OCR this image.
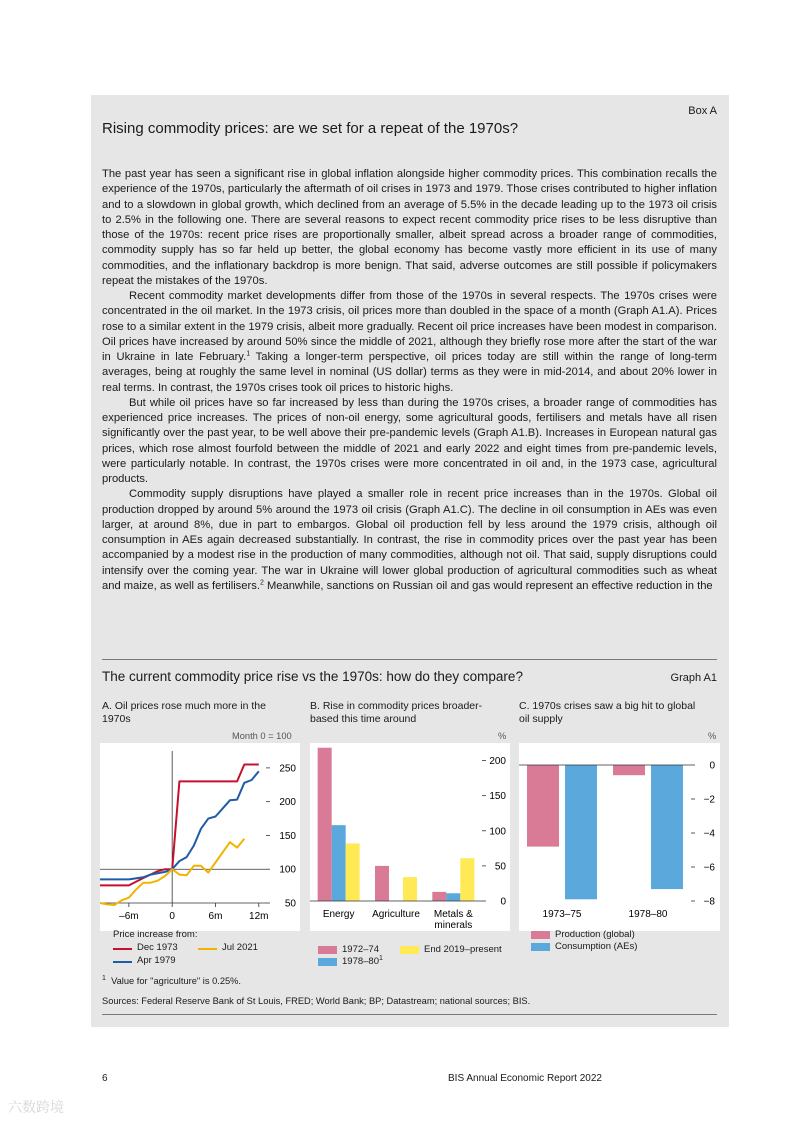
Box A
Rising commodity prices: are we set for a repeat of the 1970s?

The past year has seen a significant rise in global inflation alongside higher commodity prices. This combination recalls the experience of the 1970s, particularly the aftermath of oil crises in 1973 and 1979. Those crises contributed to higher inflation and to a slowdown in global growth, which declined from an average of 5.5% in the decade leading up to the 1973 oil crisis to 2.5% in the following one. There are several reasons to expect recent commodity price rises to be less disruptive than those of the 1970s: recent price rises are proportionally smaller, albeit spread across a broader range of commodities, commodity supply has so far held up better, the global economy has become vastly more efficient in its use of many commodities, and the inflationary backdrop is more benign. That said, adverse outcomes are still possible if policymakers repeat the mistakes of the 1970s.

Recent commodity market developments differ from those of the 1970s in several respects. The 1970s crises were concentrated in the oil market. In the 1973 crisis, oil prices more than doubled in the space of a month (Graph A1.A). Prices rose to a similar extent in the 1979 crisis, albeit more gradually. Recent oil price increases have been modest in comparison. Oil prices have increased by around 50% since the middle of 2021, although they briefly rose more after the start of the war in Ukraine in late February.$^1$ Taking a longer-term perspective, oil prices today are still within the range of long-term averages, being at roughly the same level in nominal (US dollar) terms as they were in mid-2014, and about 20% lower in real terms. In contrast, the 1970s crises took oil prices to historic highs.

But while oil prices have so far increased by less than during the 1970s crises, a broader range of commodities has experienced price increases. The prices of non-oil energy, some agricultural goods, fertilisers and metals have all risen significantly over the past year, to be well above their pre-pandemic levels (Graph A1.B). Increases in European natural gas prices, which rose almost fourfold between the middle of 2021 and early 2022 and eight times from pre-pandemic levels, were particularly notable. In contrast, the 1970s crises were more concentrated in oil and, in the 1973 case, agricultural products.

Commodity supply disruptions have played a smaller role in recent price increases than in the 1970s. Global oil production dropped by around 5% around the 1973 oil crisis (Graph A1.C). The decline in oil consumption in AEs was even larger, at around 8%, due in part to embargos. Global oil production fell by less around the 1979 crisis, although oil consumption in AEs again decreased substantially. In contrast, the rise in commodity prices over the past year has been accompanied by a modest rise in the production of many commodities, although not oil. That said, supply disruptions could intensify over the coming year. The war in Ukraine will lower global production of agricultural commodities such as wheat and maize, as well as fertilisers.$^2$ Meanwhile, sanctions on Russian oil and gas would represent an effective reduction in the

The current commodity price rise vs the 1970s: how do they compare?	Graph A1
A. Oil prices rose much more in the 1970s
B. Rise in commodity prices broader-based this time around
C. 1970s crises saw a big hit to global oil supply
Month 0 = 100	%	%
50
100
150
200
250
–6m	0	6m	12m
0
50
100
150
200
Energy Agriculture Metals &
minerals
0
−2
−4
−6
−8
1973–75	1978–80
Price increase from:
Dec 1973
Apr 1979
Jul 2021	1972–74
$1978-80^1$
End 2019–present
Production (global)
Consumption (AEs)
$^1$ Value for "agriculture" is 0.25%.
Sources: Federal Reserve Bank of St Louis, FRED; World Bank; BP; Datastream; national sources; BIS.
6	BIS Annual Economic Report 2022
六数跨境
